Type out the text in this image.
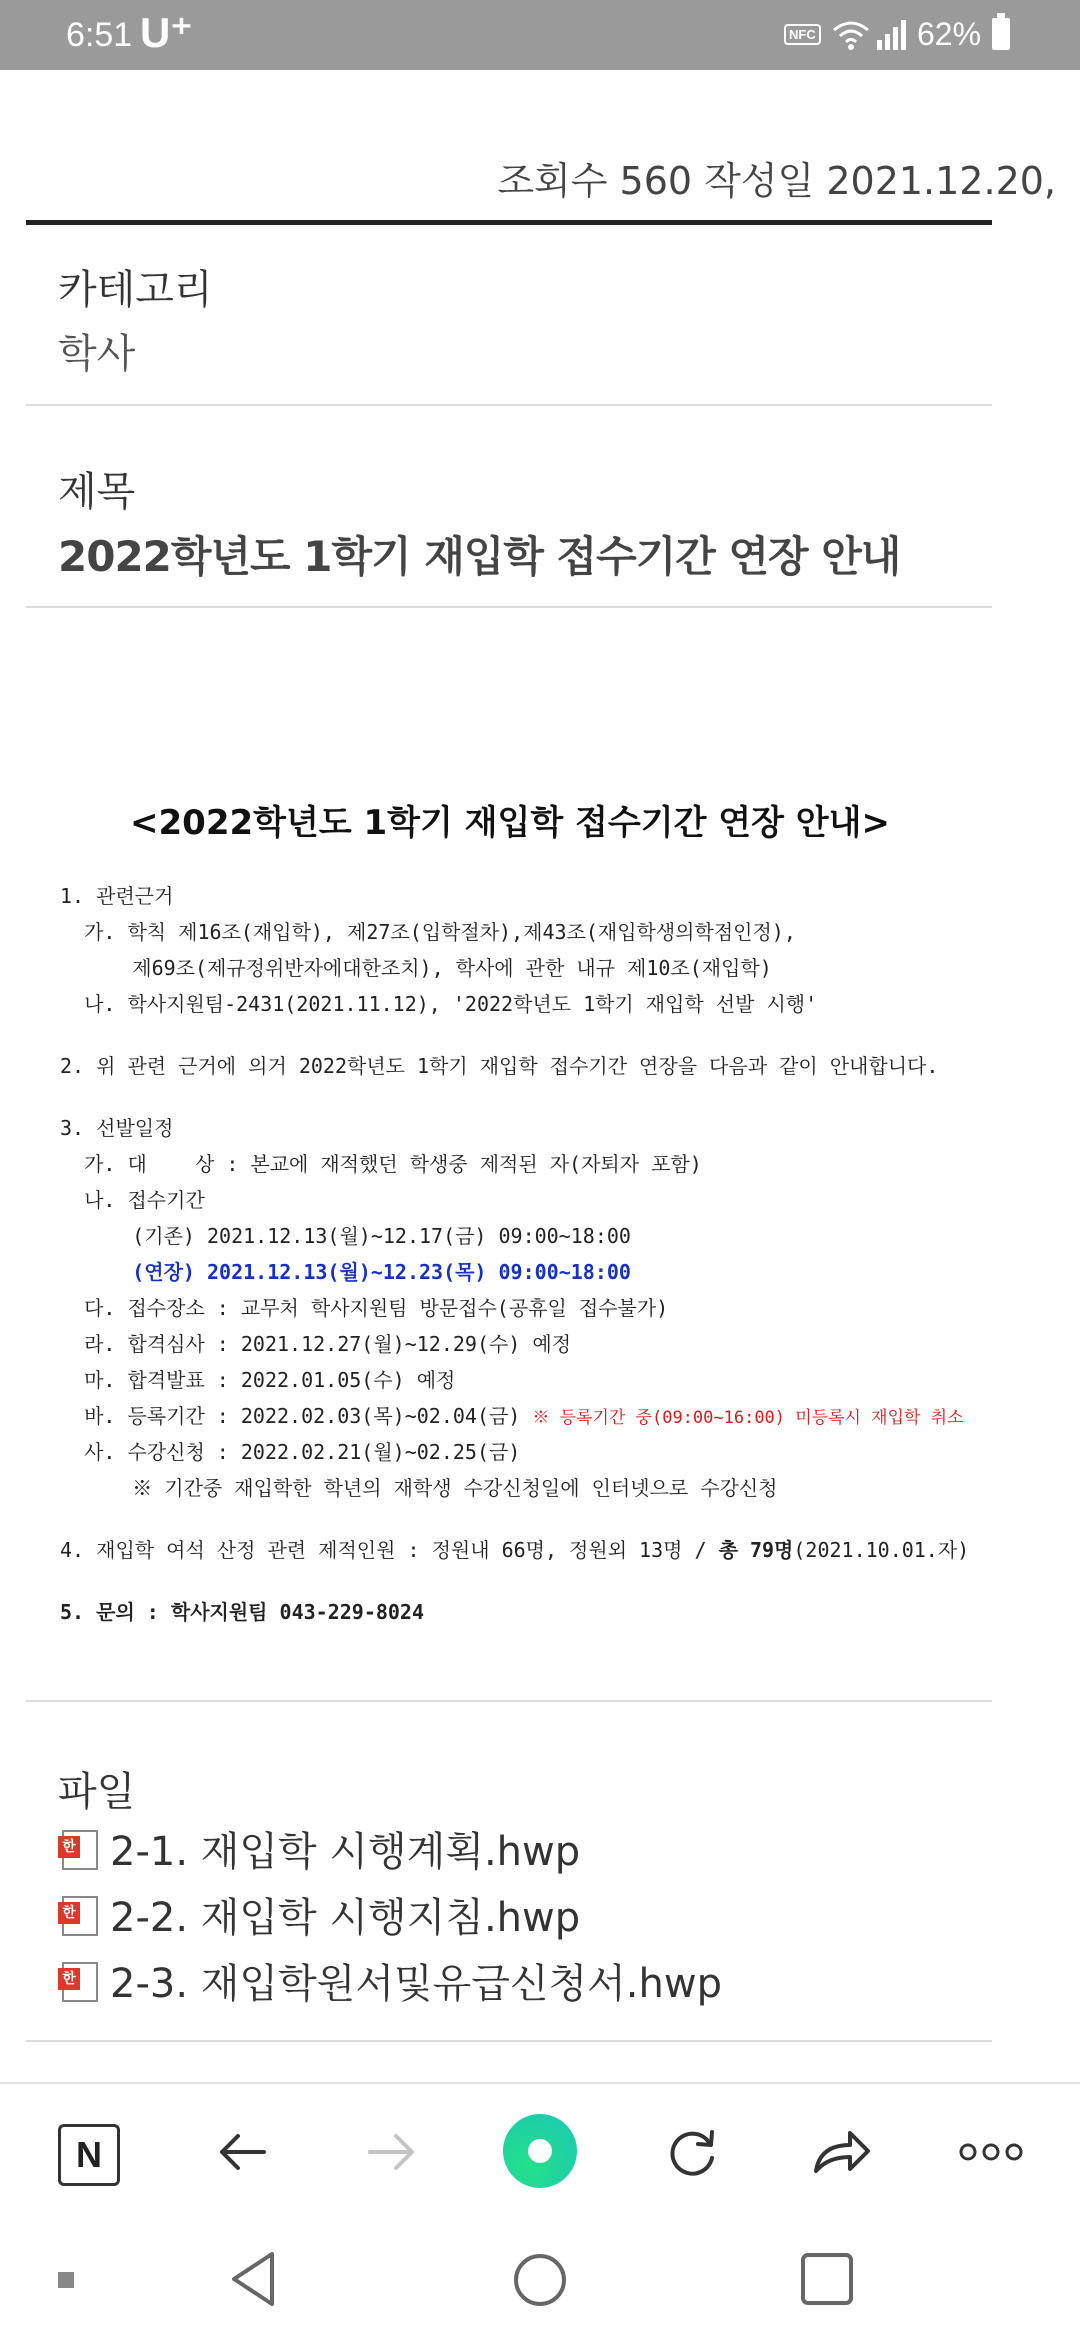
6:51 U⁺	NFC	62%
조회수 560 작성일 2021.12.20,
카테고리
학사
제목
2022학년도 1학기 재입학 접수기간 연장 안내
<2022학년도 1학기 재입학 접수기간 연장 안내>
1. 관련근거
가. 학칙 제16조(재입학), 제27조(입학절차),제43조(재입학생의학점인정),
제69조(제규정위반자에대한조치), 학사에 관한 내규 제10조(재입학)
나. 학사지원팀-2431(2021.11.12), '2022학년도 1학기 재입학 선발 시행'
2. 위 관련 근거에 의거 2022학년도 1학기 재입학 접수기간 연장을 다음과 같이 안내합니다.
3. 선발일정
가. 대    상 : 본교에 재적했던 학생중 제적된 자(자퇴자 포함)
나. 접수기간
(기존) 2021.12.13(월)~12.17(금) 09:00~18:00
(연장) 2021.12.13(월)~12.23(목) 09:00~18:00
다. 접수장소 : 교무처 학사지원팀 방문접수(공휴일 접수불가)
라. 합격심사 : 2021.12.27(월)~12.29(수) 예정
마. 합격발표 : 2022.01.05(수) 예정
바. 등록기간 : 2022.02.03(목)~02.04(금) ※ 등록기간 중(09:00~16:00) 미등록시 재입학 취소
사. 수강신청 : 2022.02.21(월)~02.25(금)
※ 기간중 재입학한 학년의 재학생 수강신청일에 인터넷으로 수강신청
4. 재입학 여석 산정 관련 제적인원 : 정원내 66명, 정원외 13명 / 총 79명(2021.10.01.자)
5. 문의 : 학사지원팀 043-229-8024
파일
한 2-1. 재입학 시행계획.hwp
한 2-2. 재입학 시행지침.hwp
한 2-3. 재입학원서및유급신청서.hwp
N
